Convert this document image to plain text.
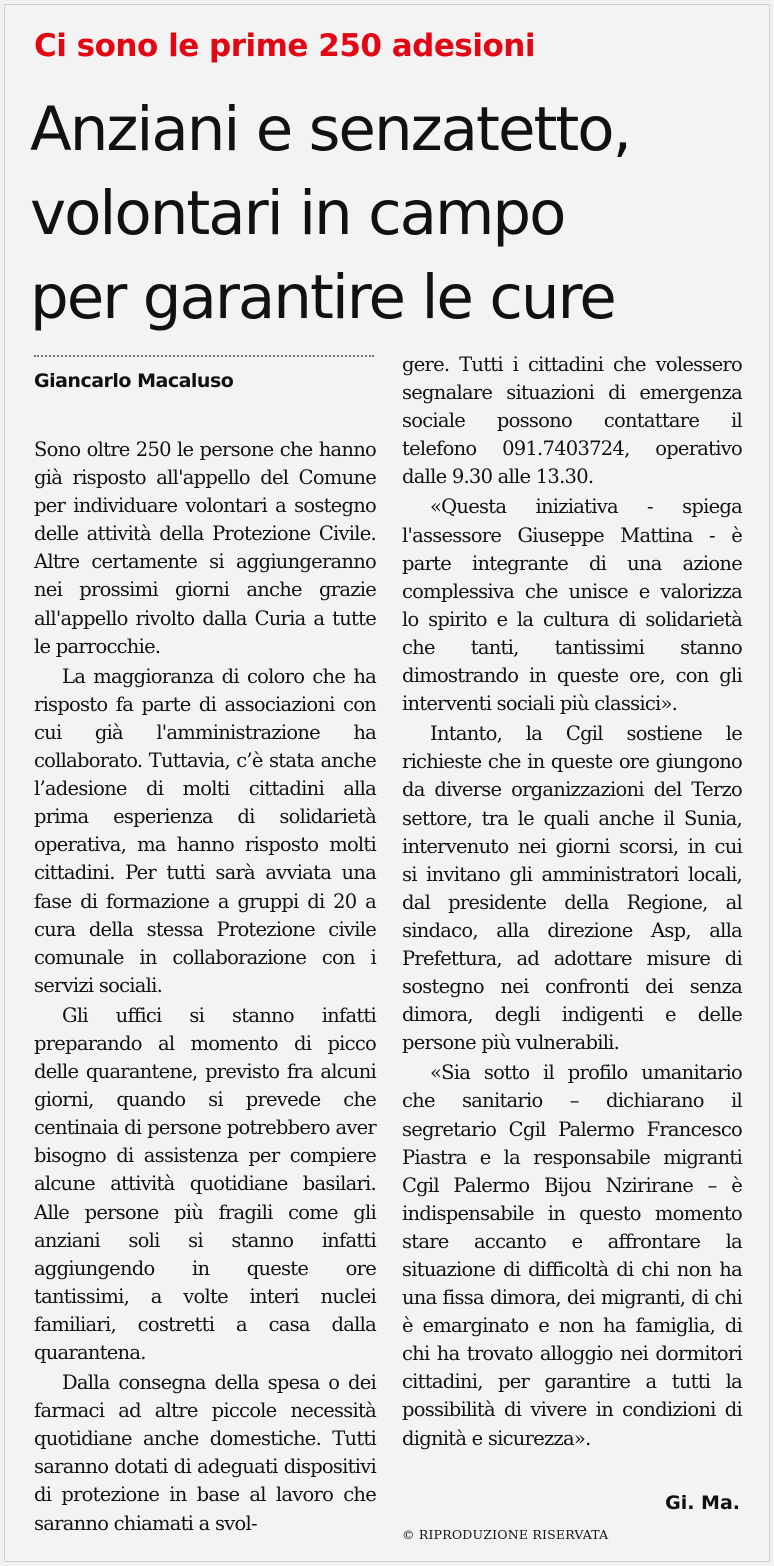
Ci sono le prime 250 adesioni
Anziani e senzatetto,
volontari in campo
per garantire le cure
Giancarlo Macaluso

Sono oltre 250 le persone che hanno già risposto all'appello del Comune per individuare volontari a sostegno delle attività della Protezione Civile. Altre certamente si aggiungeranno nei prossimi giorni anche grazie all'appello rivolto dalla Curia a tutte le parrocchie.

La maggioranza di coloro che ha risposto fa parte di associazioni con cui già l'amministrazione ha collaborato. Tuttavia, c’è stata anche l’adesione di molti cittadini alla prima esperienza di solidarietà operativa, ma hanno risposto molti cittadini. Per tutti sarà avviata una fase di formazione a gruppi di 20 a cura della stessa Protezione civile comunale in collaborazione con i servizi sociali.

Gli uffici si stanno infatti preparando al momento di picco delle quarantene, previsto fra alcuni giorni, quando si prevede che centinaia di persone potrebbero aver bisogno di assistenza per compiere alcune attività quotidiane basilari. Alle persone più fragili come gli anziani soli si stanno infatti aggiungendo in queste ore tantissimi, a volte interi nuclei familiari, costretti a casa dalla quarantena.

Dalla consegna della spesa o dei farmaci ad altre piccole necessità quotidiane anche domestiche. Tutti saranno dotati di adeguati dispositivi di protezione in base al lavoro che saranno chiamati a svol-

gere. Tutti i cittadini che volessero segnalare situazioni di emergenza sociale possono contattare il telefono 091.7403724, operativo dalle 9.30 alle 13.30.

«Questa iniziativa - spiega l'assessore Giuseppe Mattina - è parte integrante di una azione complessiva che unisce e valorizza lo spirito e la cultura di solidarietà che tanti, tantissimi stanno dimostrando in queste ore, con gli interventi sociali più classici».

Intanto, la Cgil sostiene le richieste che in queste ore giungono da diverse organizzazioni del Terzo settore, tra le quali anche il Sunia, intervenuto nei giorni scorsi, in cui si invitano gli amministratori locali, dal presidente della Regione, al sindaco, alla direzione Asp, alla Prefettura, ad adottare misure di sostegno nei confronti dei senza dimora, degli indigenti e delle persone più vulnerabili.

«Sia sotto il profilo umanitario che sanitario – dichiarano il segretario Cgil Palermo Francesco Piastra e la responsabile migranti Cgil Palermo Bijou Nzirirane – è indispensabile in questo momento stare accanto e affrontare la situazione di difficoltà di chi non ha una fissa dimora, dei migranti, di chi è emarginato e non ha famiglia, di chi ha trovato alloggio nei dormitori cittadini, per garantire a tutti la possibilità di vivere in condizioni di dignità e sicurezza».

Gi. Ma.
© RIPRODUZIONE RISERVATA
